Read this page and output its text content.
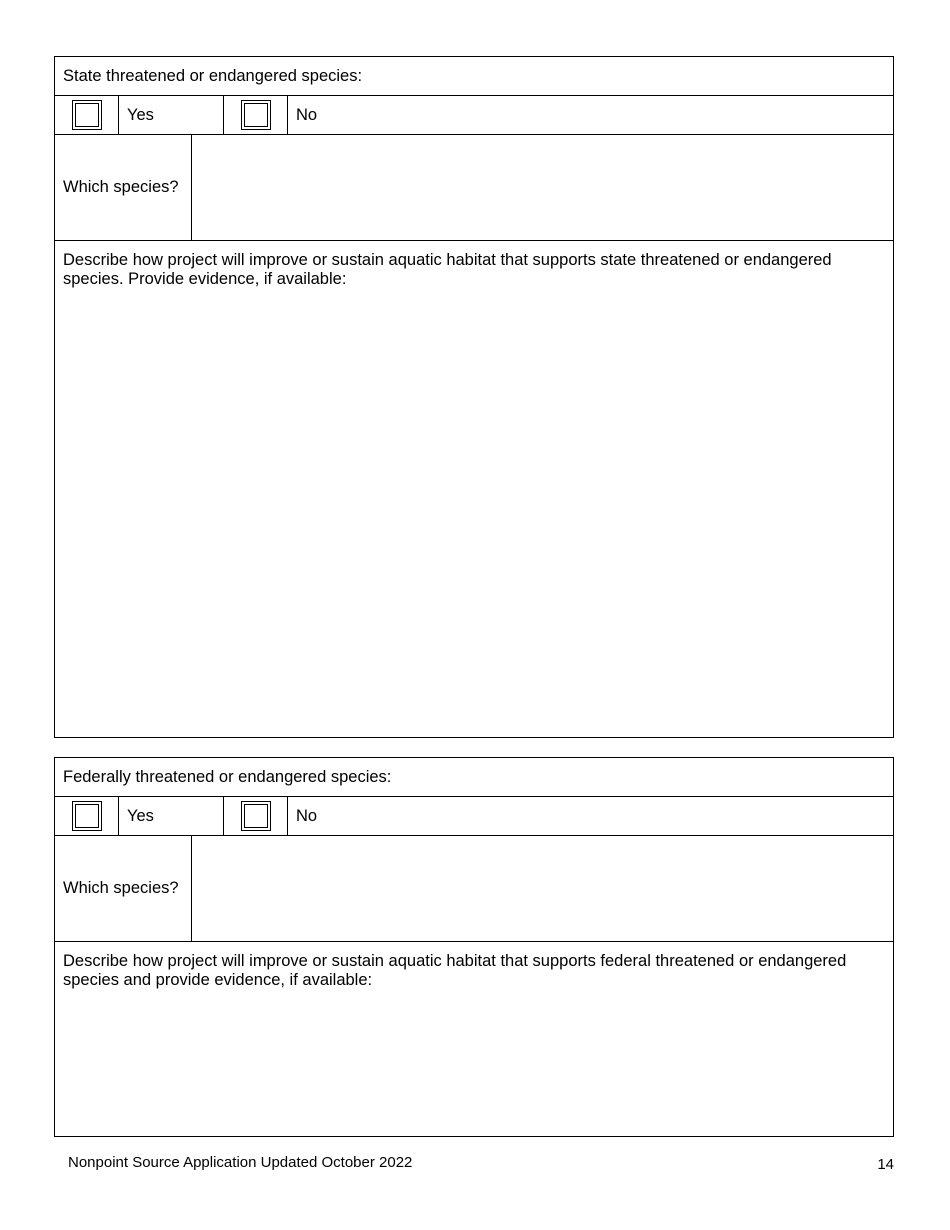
State threatened or endangered species:
Yes	No
Which species?
Describe how project will improve or sustain aquatic habitat that supports state threatened or endangered species. Provide evidence, if available:
Federally threatened or endangered species:
Yes	No
Which species?
Describe how project will improve or sustain aquatic habitat that supports federal threatened or endangered species and provide evidence, if available:
Nonpoint Source Application Updated October 2022	14
